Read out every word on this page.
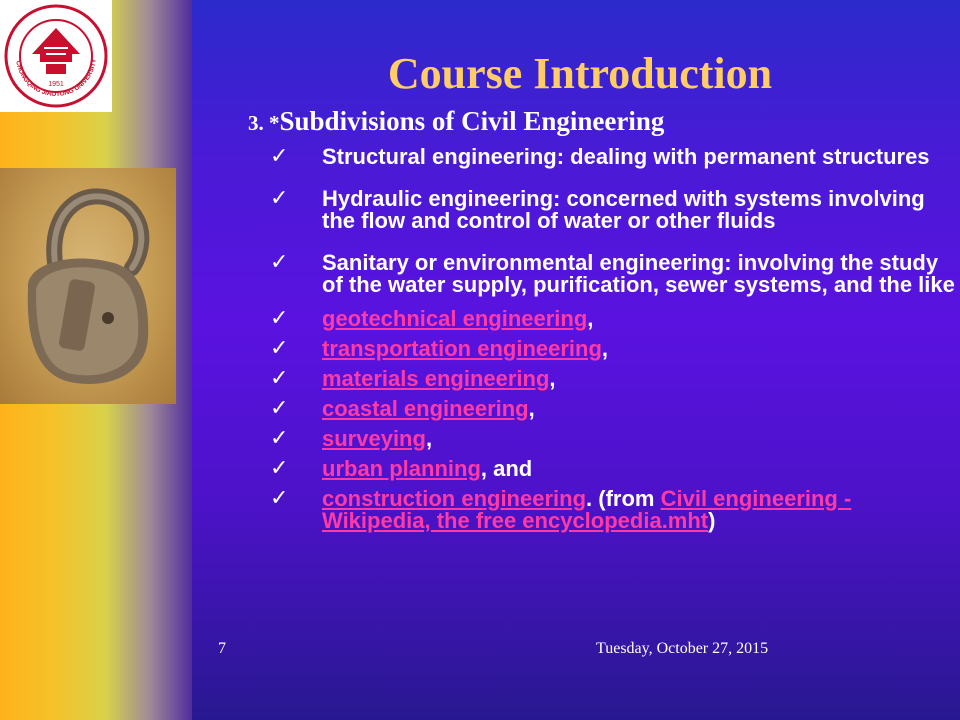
1951
CHONGQING JIAOTONG UNIVERSITY	Course Introduction
3. *Subdivisions of Civil Engineering
✓ Structural engineering: dealing with permanent structures
✓ Hydraulic engineering: concerned with systems involving the flow and control of water or other fluids
✓ Sanitary or environmental engineering: involving the study of the water supply, purification, sewer systems, and the like
✓ geotechnical engineering,
✓ transportation engineering,
✓ materials engineering,
✓ coastal engineering,
✓ surveying,
✓ urban planning, and
✓ construction engineering. (from Civil engineering - Wikipedia, the free encyclopedia.mht)
7	Tuesday, October 27, 2015
